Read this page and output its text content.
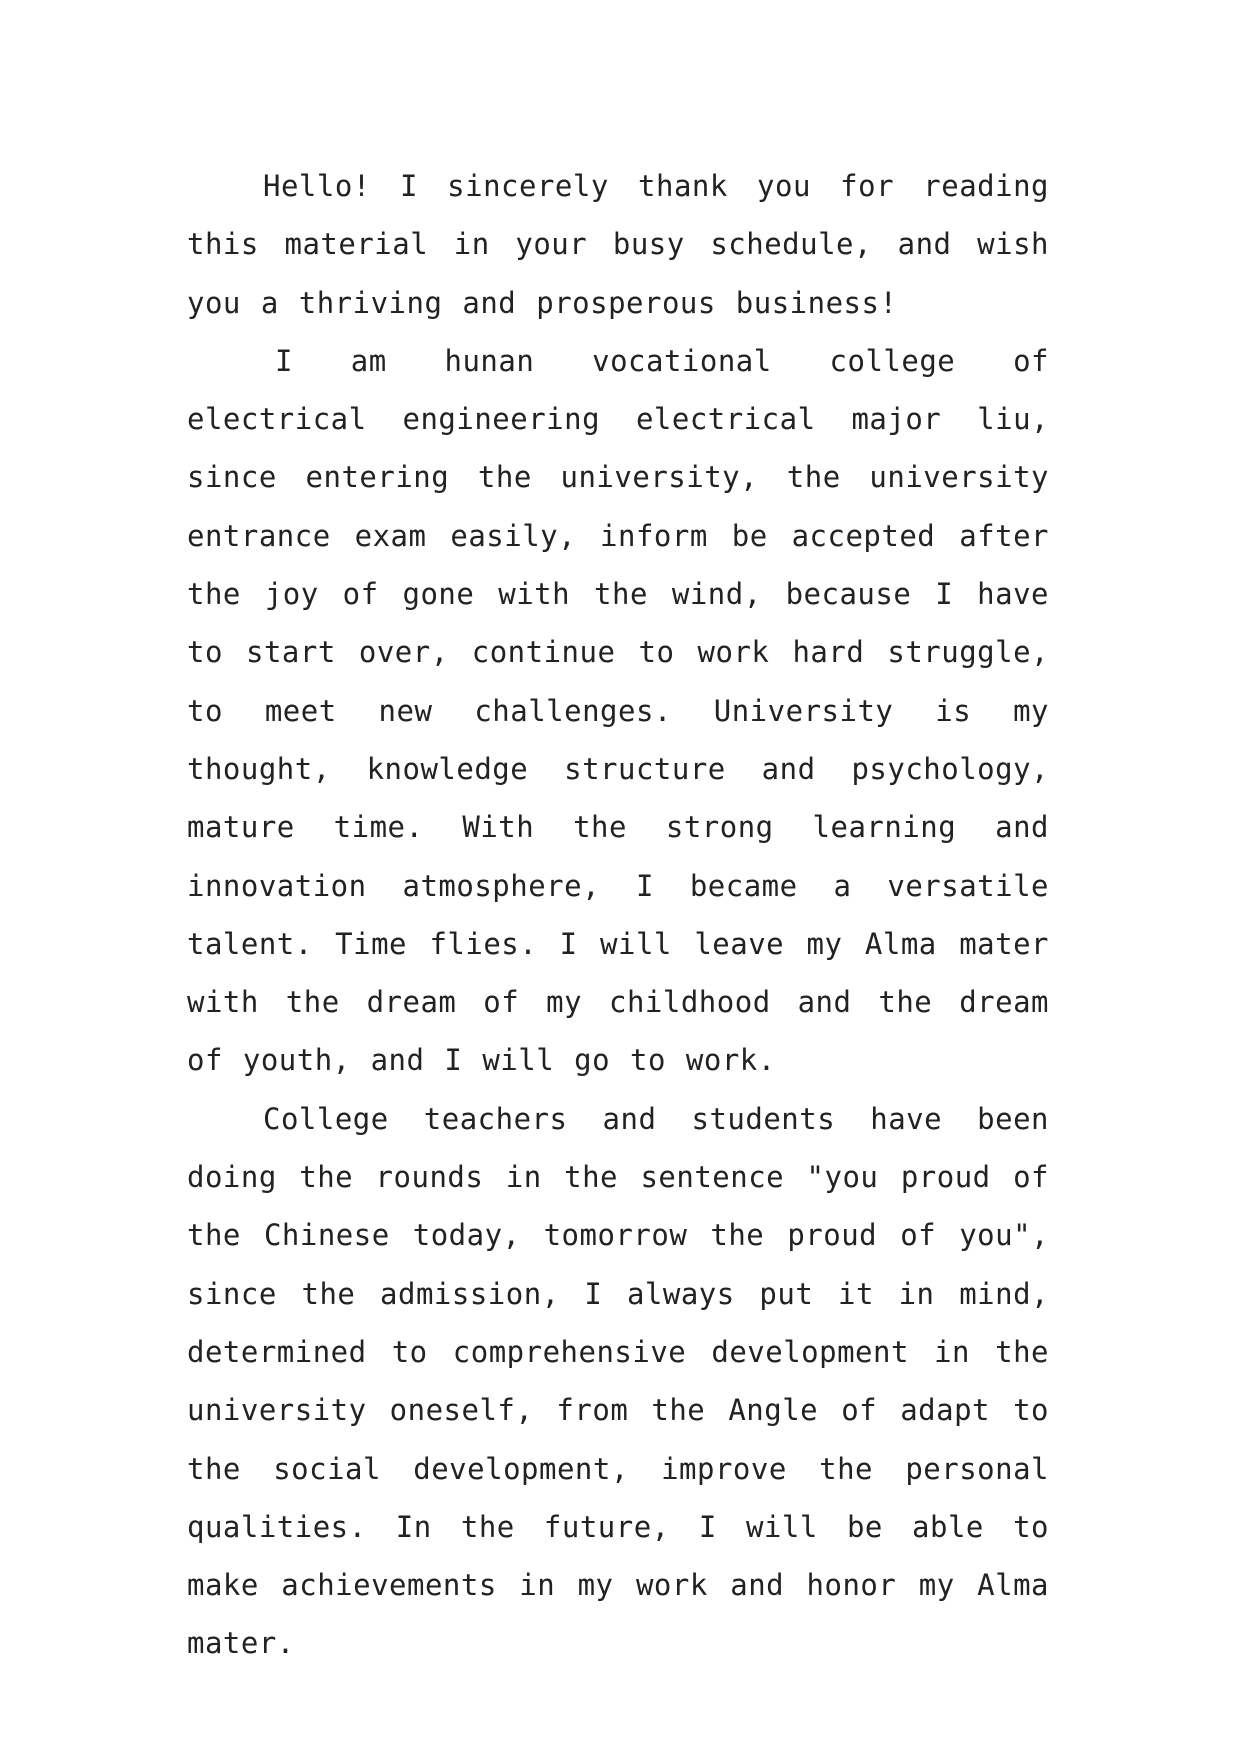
Hello! I sincerely thank you for reading this material in your busy schedule, and wish you a thriving and prosperous business!

I am hunan vocational college of electrical engineering electrical major liu, since entering the university, the university entrance exam easily, inform be accepted after the joy of gone with the wind, because I have to start over, continue to work hard struggle, to meet new challenges. University is my thought, knowledge structure and psychology, mature time. With the strong learning and innovation atmosphere, I became a versatile talent. Time flies. I will leave my Alma mater with the dream of my childhood and the dream of youth, and I will go to work.

College teachers and students have been doing the rounds in the sentence "you proud of the Chinese today, tomorrow the proud of you", since the admission, I always put it in mind, determined to comprehensive development in the university oneself, from the Angle of adapt to the social development, improve the personal qualities. In the future, I will be able to make achievements in my work and honor my Alma mater.
